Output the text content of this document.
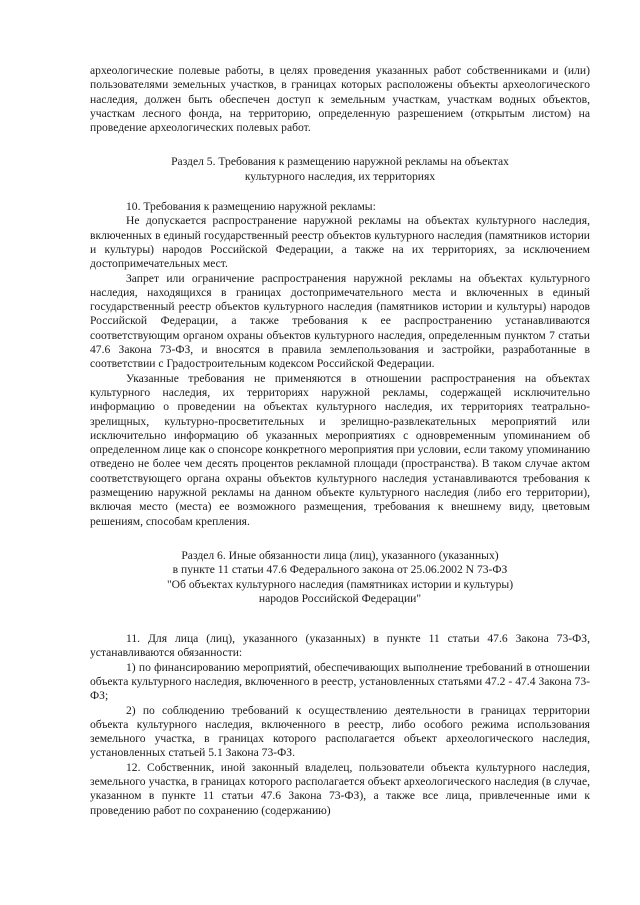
археологические полевые работы, в целях проведения указанных работ собственниками и (или) пользователями земельных участков, в границах которых расположены объекты археологического наследия, должен быть обеспечен доступ к земельным участкам, участкам водных объектов, участкам лесного фонда, на территорию, определенную разрешением (открытым листом) на проведение археологических полевых работ.

Раздел 5. Требования к размещению наружной рекламы на объектах

культурного наследия, их территориях

10. Требования к размещению наружной рекламы:

Не допускается распространение наружной рекламы на объектах культурного наследия, включенных в единый государственный реестр объектов культурного наследия (памятников истории и культуры) народов Российской Федерации, а также на их территориях, за исключением достопримечательных мест.

Запрет или ограничение распространения наружной рекламы на объектах культурного наследия, находящихся в границах достопримечательного места и включенных в единый государственный реестр объектов культурного наследия (памятников истории и культуры) народов Российской Федерации, а также требования к ее распространению устанавливаются соответствующим органом охраны объектов культурного наследия, определенным пунктом 7 статьи 47.6 Закона 73-ФЗ, и вносятся в правила землепользования и застройки, разработанные в соответствии с Градостроительным кодексом Российской Федерации.

Указанные требования не применяются в отношении распространения на объектах культурного наследия, их территориях наружной рекламы, содержащей исключительно информацию о проведении на объектах культурного наследия, их территориях театрально-зрелищных, культурно-просветительных и зрелищно-развлекательных мероприятий или исключительно информацию об указанных мероприятиях с одновременным упоминанием об определенном лице как о спонсоре конкретного мероприятия при условии, если такому упоминанию отведено не более чем десять процентов рекламной площади (пространства). В таком случае актом соответствующего органа охраны объектов культурного наследия устанавливаются требования к размещению наружной рекламы на данном объекте культурного наследия (либо его территории), включая место (места) ее возможного размещения, требования к внешнему виду, цветовым решениям, способам крепления.

Раздел 6. Иные обязанности лица (лиц), указанного (указанных)

в пункте 11 статьи 47.6 Федерального закона от 25.06.2002 N 73-ФЗ

"Об объектах культурного наследия (памятниках истории и культуры)

народов Российской Федерации"

11. Для лица (лиц), указанного (указанных) в пункте 11 статьи 47.6 Закона 73-ФЗ, устанавливаются обязанности:

1) по финансированию мероприятий, обеспечивающих выполнение требований в отношении объекта культурного наследия, включенного в реестр, установленных статьями 47.2 - 47.4 Закона 73-ФЗ;

2) по соблюдению требований к осуществлению деятельности в границах территории объекта культурного наследия, включенного в реестр, либо особого режима использования земельного участка, в границах которого располагается объект археологического наследия, установленных статьей 5.1 Закона 73-ФЗ.

12. Собственник, иной законный владелец, пользователи объекта культурного наследия, земельного участка, в границах которого располагается объект археологического наследия (в случае, указанном в пункте 11 статьи 47.6 Закона 73-ФЗ), а также все лица, привлеченные ими к проведению работ по сохранению (содержанию)
